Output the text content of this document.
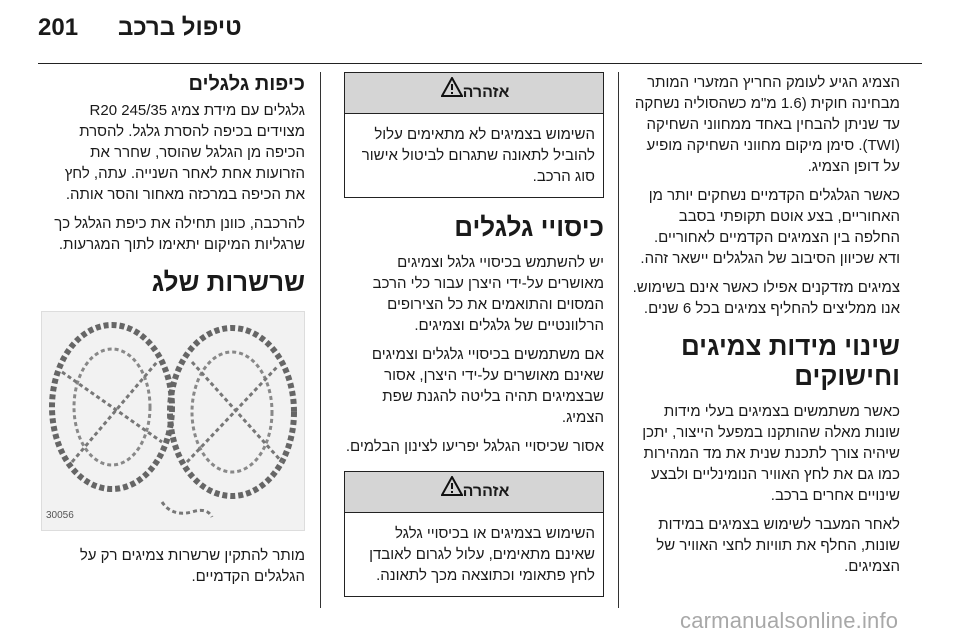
201 טיפול ברכב

הצמיג הגיע לעומק החריץ המזערי המותר מבחינה חוקית (1.6 מ"מ כשהסוליה נשחקה עד שניתן להבחין באחד ממחווני השחיקה (TWI). סימן מיקום מחווני השחיקה מופיע על דופן הצמיג.

כאשר הגלגלים הקדמיים נשחקים יותר מן האחוריים, בצע אוטם תקופתי בסבב החלפה בין הצמיגים הקדמיים לאחוריים. ודא שכיוון הסיבוב של הגלגלים יישאר זהה.

צמיגים מזדקנים אפילו כאשר אינם בשימוש. אנו ממליצים להחליף צמיגים בכל 6 שנים.

שינוי מידות צמיגים וחישוקים

כאשר משתמשים בצמיגים בעלי מידות שונות מאלה שהותקנו במפעל הייצור, יתכן שיהיה צורך לתכנת שנית את מד המהירות כמו גם את לחץ האוויר הנומינליים ולבצע שינויים אחרים ברכב.

לאחר המעבר לשימוש בצמיגים במידות שונות, החלף את תוויות לחצי האוויר של הצמיגים.

אזהרה
השימוש בצמיגים לא מתאימים עלול להוביל לתאונה שתגרום לביטול אישור סוג הרכב.
כיסויי גלגלים

יש להשתמש בכיסויי גלגל וצמיגים מאושרים על-ידי היצרן עבור כלי הרכב המסוים והתואמים את כל הצירופים הרלוונטיים של גלגלים וצמיגים.

אם משתמשים בכיסויי גלגלים וצמיגים שאינם מאושרים על-ידי היצרן, אסור שבצמיגים תהיה בליטה להגנת שפת הצמיג.

אסור שכיסויי הגלגל יפריעו לצינון הבלמים.

אזהרה
השימוש בצמיגים או בכיסויי גלגל שאינם מתאימים, עלול לגרום לאובדן לחץ פתאומי וכתוצאה מכך לתאונה.
כיפות גלגלים

גלגלים עם מידת צמיג 245/35 R20 מצוידים בכיפה להסרת גלגל. להסרת הכיפה מן הגלגל שהוסר, שחרר את הזרועות אחת לאחר השנייה. עתה, לחץ את הכיפה במרכזה מאחור והסר אותה.

להרכבה, כוונן תחילה את כיפת הגלגל כך שרגליות המיקום יתאימו לתוך המגרעות.

שרשרות שלג
30056

מותר להתקין שרשרות צמיגים רק על הגלגלים הקדמיים.

carmanualsonline.info
